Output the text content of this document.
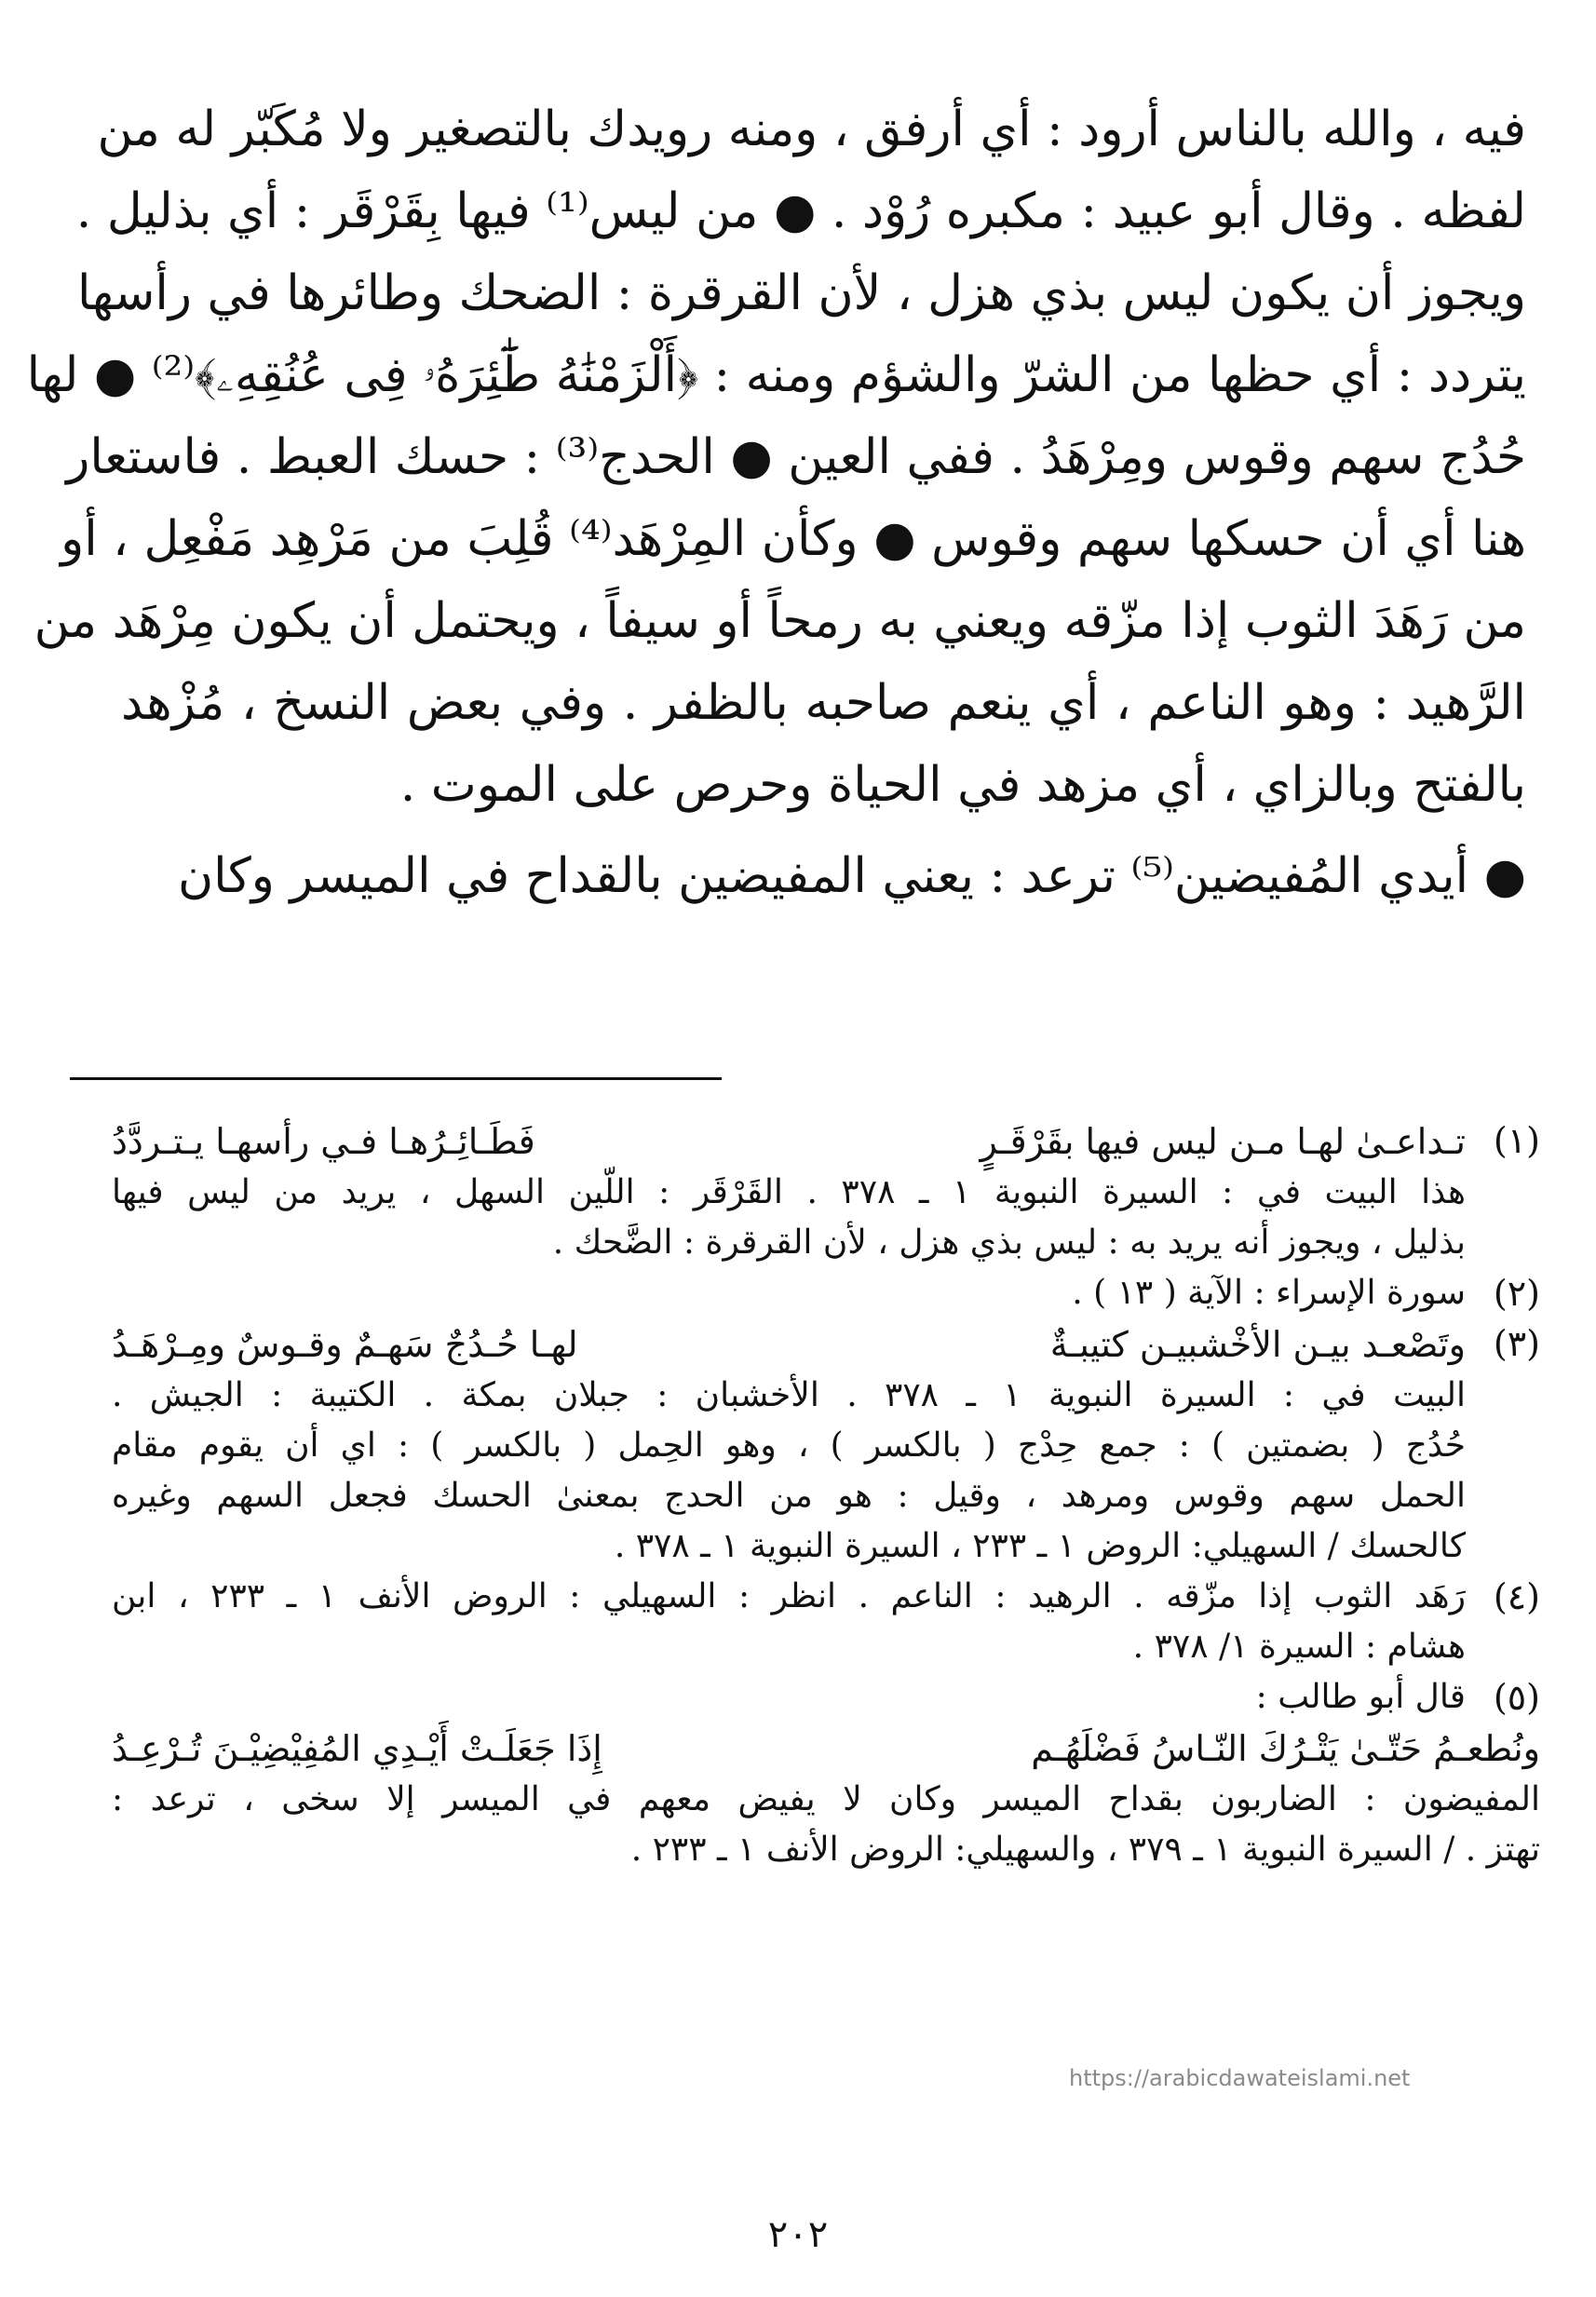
فيه ، والله بالناس أرود : أي أرفق ، ومنه رويدك بالتصغير ولا مُكَبّر له من
لفظه . وقال أبو عبيد : مكبره رُوْد . ● من ليس⁽¹⁾ فيها بِقَرْقَر : أي بذليل .
ويجوز أن يكون ليس بذي هزل ، لأن القرقرة : الضحك وطائرها في رأسها
يتردد : أي حظها من الشرّ والشؤم ومنه : ﴿أَلْزَمْنَٰهُ طَٰٓئِرَهُۥ فِى عُنُقِهِۦ﴾⁽²⁾ ● لها
حُدُج سهم وقوس ومِرْهَدُ . ففي العين ● الحدج⁽³⁾ : حسك العبط . فاستعار
هنا أي أن حسكها سهم وقوس ● وكأن المِرْهَد⁽⁴⁾ قُلِبَ من مَرْهِد مَفْعِل ، أو
من رَهَدَ الثوب إذا مزّقه ويعني به رمحاً أو سيفاً ، ويحتمل أن يكون مِرْهَد من
الرَّهيد : وهو الناعم ، أي ينعم صاحبه بالظفر . وفي بعض النسخ ، مُزْهد
بالفتح وبالزاي ، أي مزهد في الحياة وحرص على الموت .
● أيدي المُفيضين⁽⁵⁾ ترعد : يعني المفيضين بالقداح في الميسر وكان
(١)
تـداعـىٰ لهـا مـن ليس فيها بقَرْقَـرٍ
فَطَـائِـرُهـا فـي رأسهـا يـتـردَّدُ
هذا البيت في : السيرة النبوية ١ ـ ٣٧٨ . القَرْقَر : اللّين السهل ، يريد من ليس فيها
بذليل ، ويجوز أنه يريد به : ليس بذي هزل ، لأن القرقرة : الضَّحك .
(٢)
سورة الإسراء : الآية ( ١٣ ) .
(٣)
وتَصْعـد بيـن الأخْشبيـن كتيبـةٌ
لهـا حُـدُجٌ سَهـمٌ وقـوسٌ ومِـرْهَـدُ
البيت في : السيرة النبوية ١ ـ ٣٧٨ . الأخشبان : جبلان بمكة . الكتيبة : الجيش .
حُدُج ( بضمتين ) : جمع حِدْج ( بالكسر ) ، وهو الحِمل ( بالكسر ) : اي أن يقوم مقام
الحمل سهم وقوس ومرهد ، وقيل : هو من الحدج بمعنىٰ الحسك فجعل السهم وغيره
كالحسك / السهيلي: الروض ١ ـ ٢٣٣ ، السيرة النبوية ١ ـ ٣٧٨ .
(٤)
رَهَد الثوب إذا مزّقه . الرهيد : الناعم . انظر : السهيلي : الروض الأنف ١ ـ ٢٣٣ ، ابن
هشام : السيرة ١/ ٣٧٨ .
(٥)
قال أبو طالب :
ونُطعـمُ حَتّـىٰ يَتْـرُكَ النّـاسُ فَضْلَهُـم
إِذَا جَعَلَـتْ أَيْـدِي المُفِيْضِيْـنَ تُـرْعِـدُ
المفيضون : الضاربون بقداح الميسر وكان لا يفيض معهم في الميسر إلا سخى ، ترعد :
تهتز . / السيرة النبوية ١ ـ ٣٧٩ ، والسهيلي: الروض الأنف ١ ـ ٢٣٣ .
https://arabicdawateislami.net
٢٠٢
